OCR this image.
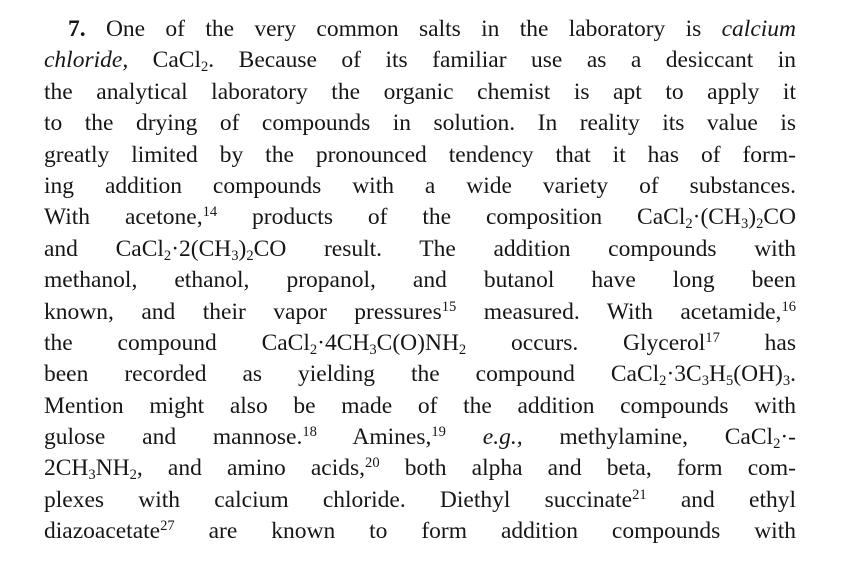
7. One of the very common salts in the laboratory is calcium
chloride, CaCl$_2$. Because of its familiar use as a desiccant in
the analytical laboratory the organic chemist is apt to apply it
to the drying of compounds in solution. In reality its value is
greatly limited by the pronounced tendency that it has of form-
ing addition compounds with a wide variety of substances.
With acetone,$^{14}$ products of the composition $CaCl_2\cdot(CH_3)_2CO$
and $CaCl_2\cdot 2(CH_3)_2CO$ result. The addition compounds with
methanol, ethanol, propanol, and butanol have long been
known, and their vapor pressures$^{15}$ measured. With acetamide,$^{16}$
the compound $CaCl_2\cdot 4CH_3C(O)NH_2$ occurs. Glycerol$^{17}$ has
been recorded as yielding the compound $CaCl_2\cdot 3C_3H_5(OH)_3$.
Mention might also be made of the addition compounds with
gulose and mannose.$^{18}$ Amines,$^{19}$ e.g., methylamine, CaCl$_2$·-
$2CH_3NH_2$, and amino acids,$^{20}$ both alpha and beta, form com-
plexes with calcium chloride. Diethyl succinate$^{21}$ and ethyl
diazoacetate$^{27}$ are known to form addition compounds with
